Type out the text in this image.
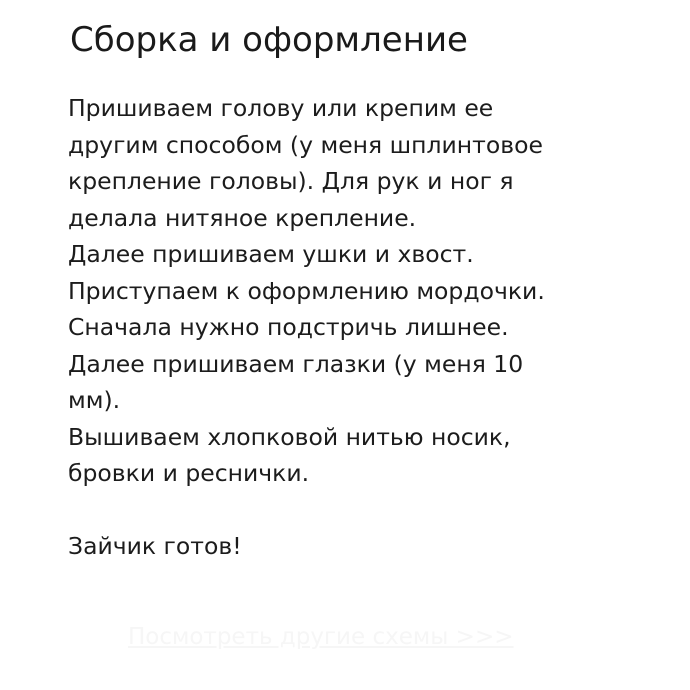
Сборка и оформление
Пришиваем голову или крепим ее
другим способом (у меня шплинтовое
крепление головы). Для рук и ног я
делала нитяное крепление.
Далее пришиваем ушки и хвост.
Приступаем к оформлению мордочки.
Сначала нужно подстричь лишнее.
Далее пришиваем глазки (у меня 10
мм).
Вышиваем хлопковой нитью носик,
бровки и реснички.
Зайчик готов!
Посмотреть другие схемы >>>
